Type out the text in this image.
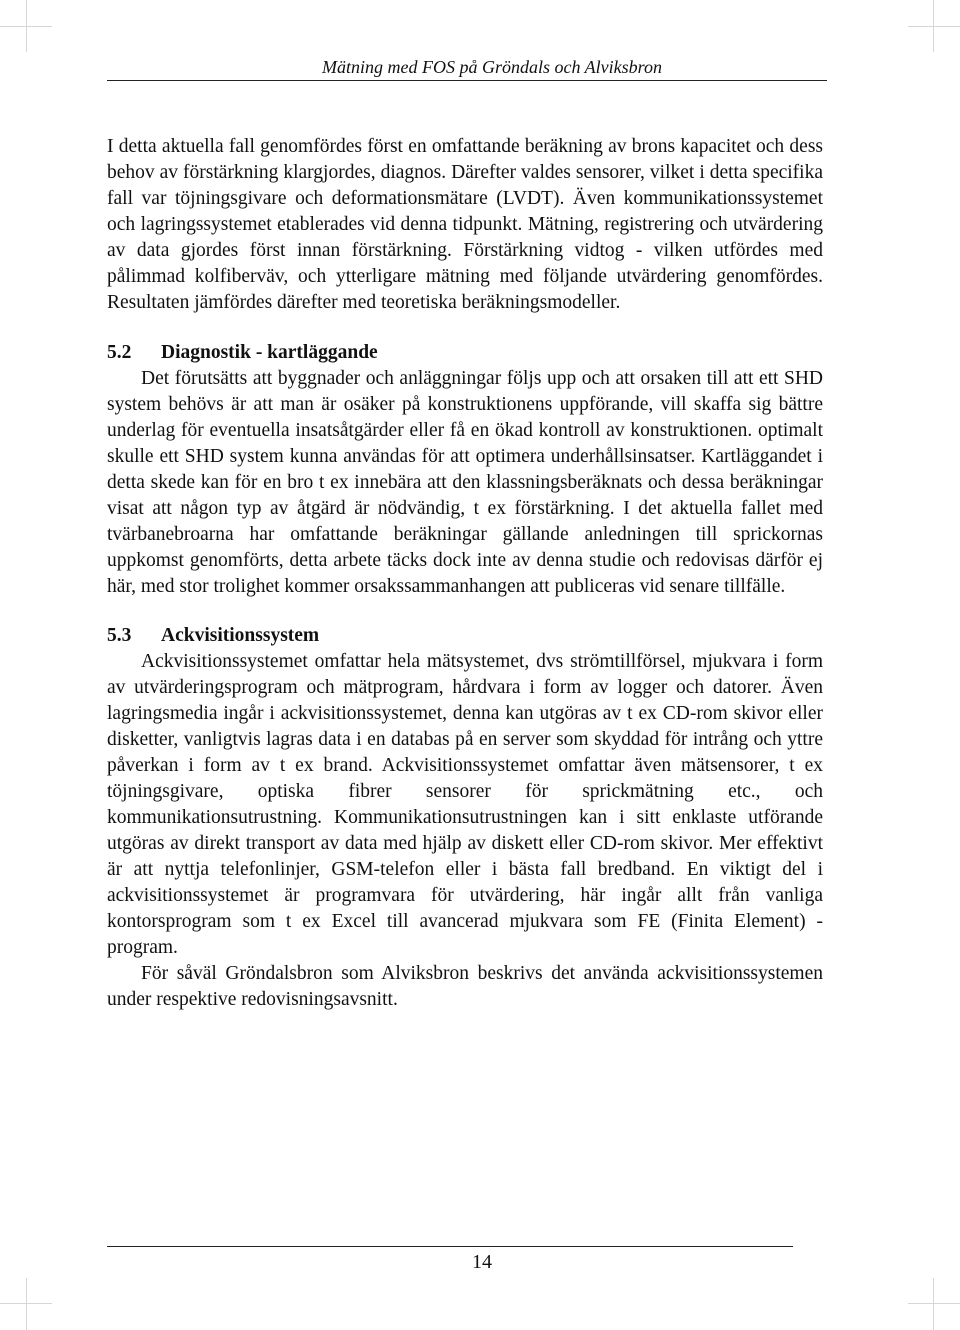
Mätning med FOS på Gröndals och Alviksbron

I detta aktuella fall genomfördes först en omfattande beräkning av brons kapacitet och dess behov av förstärkning klargjordes, diagnos. Därefter valdes sensorer, vilket i detta specifika fall var töjningsgivare och deformationsmätare (LVDT). Även kommunikationssystemet och lagringssystemet etablerades vid denna tidpunkt. Mätning, registrering och utvärdering av data gjordes först innan förstärkning. Förstärkning vidtog - vilken utfördes med pålimmad kolfiberväv, och ytterligare mätning med följande utvärdering genomfördes. Resultaten jämfördes därefter med teoretiska beräkningsmodeller.

5.2	Diagnostik - kartläggande

Det förutsätts att byggnader och anläggningar följs upp och att orsaken till att ett SHD system behövs är att man är osäker på konstruktionens uppförande, vill skaffa sig bättre underlag för eventuella insatsåtgärder eller få en ökad kontroll av konstruktionen. optimalt skulle ett SHD system kunna användas för att optimera underhållsinsatser. Kartläggandet i detta skede kan för en bro t ex innebära att den klassningsberäknats och dessa beräkningar visat att någon typ av åtgärd är nödvändig, t ex förstärkning. I det aktuella fallet med tvärbanebroarna har omfattande beräkningar gällande anledningen till sprickornas uppkomst genomförts, detta arbete täcks dock inte av denna studie och redovisas därför ej här, med stor trolighet kommer orsakssammanhangen att publiceras vid senare tillfälle.

5.3	Ackvisitionssystem

Ackvisitionssystemet omfattar hela mätsystemet, dvs strömtillförsel, mjukvara i form av utvärderingsprogram och mätprogram, hårdvara i form av logger och datorer. Även lagringsmedia ingår i ackvisitionssystemet, denna kan utgöras av t ex CD-rom skivor eller disketter, vanligtvis lagras data i en databas på en server som skyddad för intrång och yttre påverkan i form av t ex brand. Ackvisitionssystemet omfattar även mätsensorer, t ex töjningsgivare, optiska fibrer sensorer för sprickmätning etc., och kommunikationsutrustning. Kommunikationsutrustningen kan i sitt enklaste utförande utgöras av direkt transport av data med hjälp av diskett eller CD-rom skivor. Mer effektivt är att nyttja telefonlinjer, GSM-telefon eller i bästa fall bredband. En viktigt del i ackvisitionssystemet är programvara för utvärdering, här ingår allt från vanliga kontorsprogram som t ex Excel till avancerad mjukvara som FE (Finita Element) - program.

För såväl Gröndalsbron som Alviksbron beskrivs det använda ackvisitionssystemen under respektive redovisningsavsnitt.

14
